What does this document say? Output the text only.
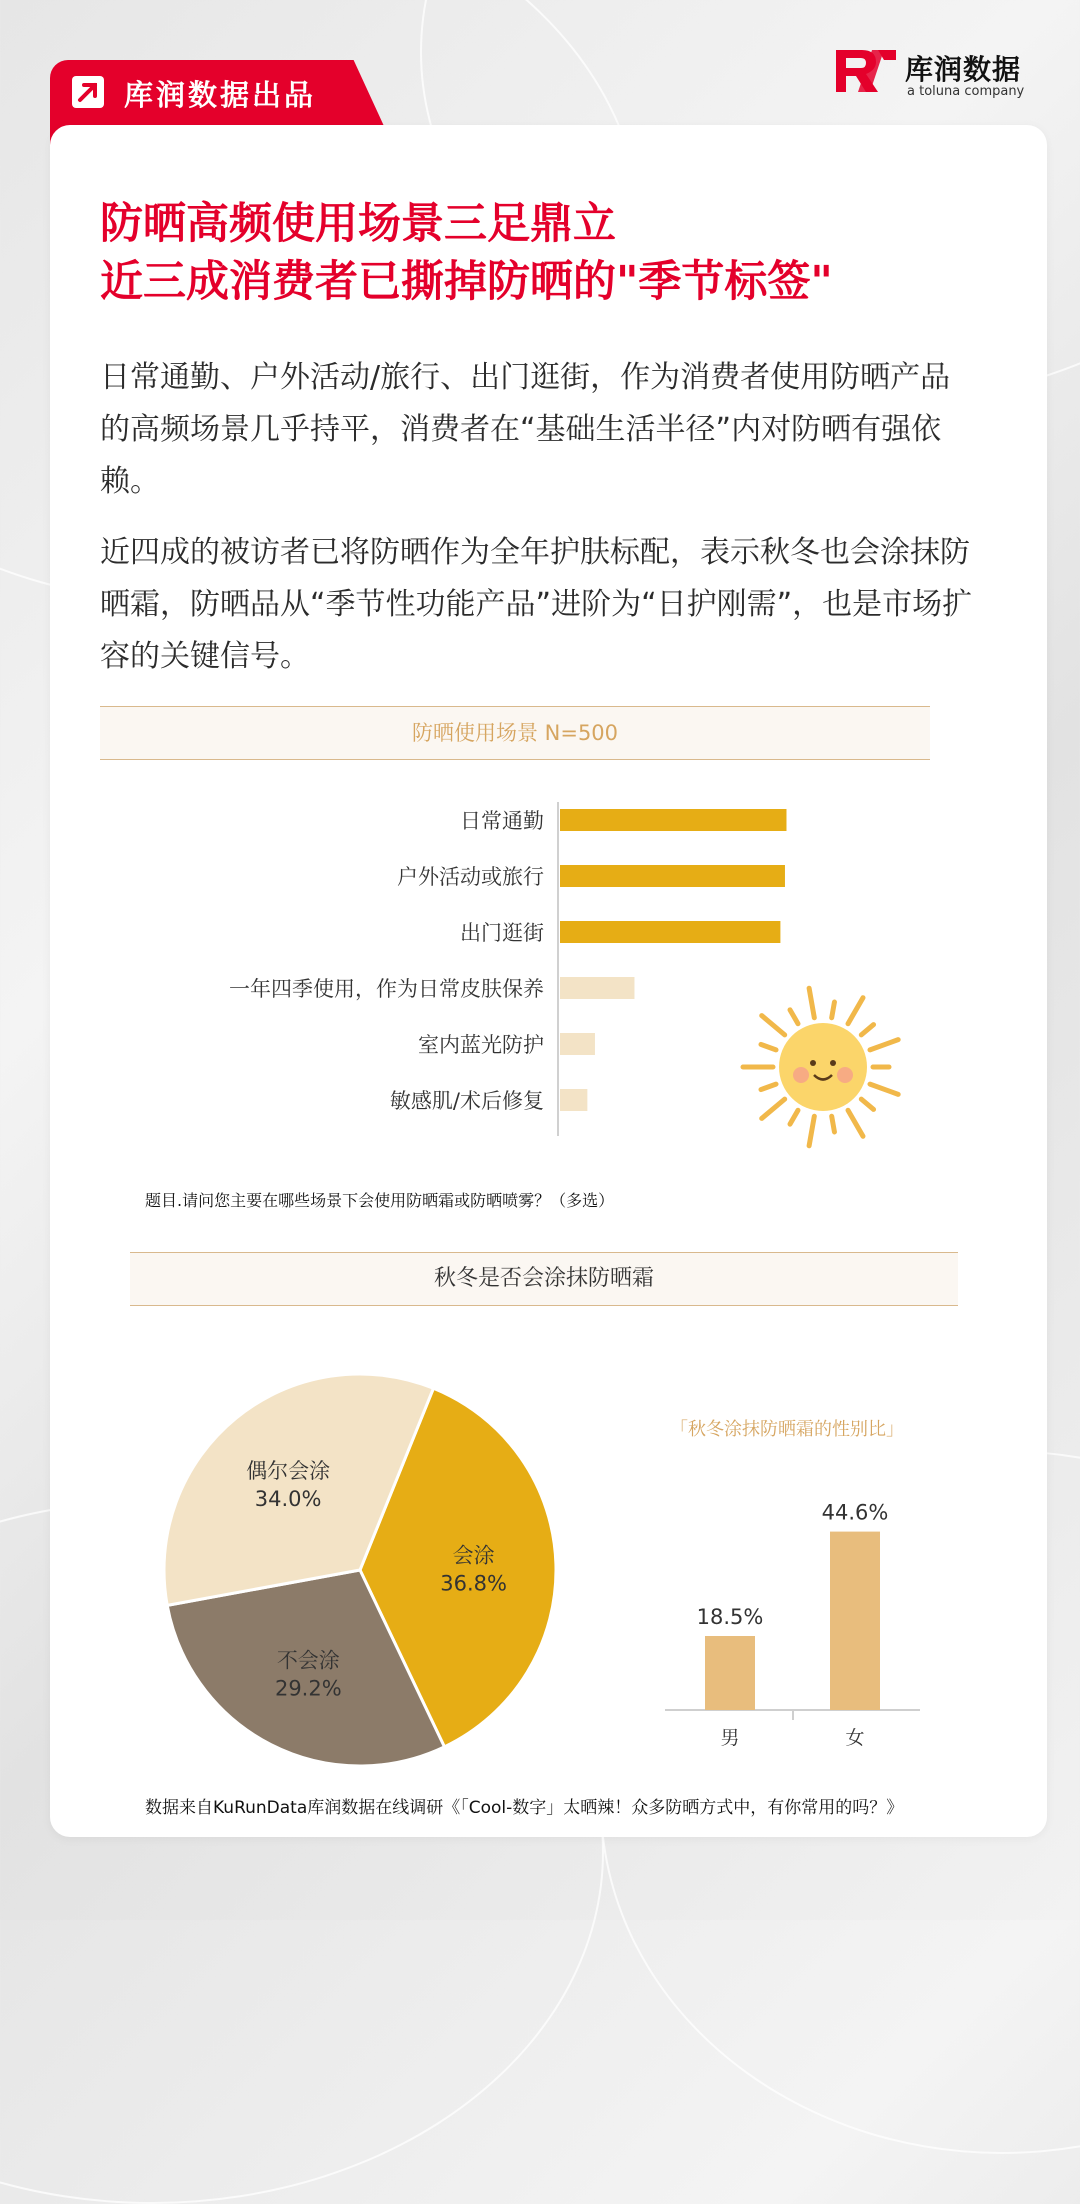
库润数据出品
库润数据
a toluna company
防晒高频使用场景三足鼎立
近三成消费者已撕掉防晒的"季节标签"
日常通勤、户外活动/旅行、出门逛街，作为消费者使用防晒产品的高频场景几乎持平，消费者在“基础生活半径”内对防晒有强依赖。
近四成的被访者已将防晒作为全年护肤标配，表示秋冬也会涂抹防晒霜，防晒品从“季节性功能产品”进阶为“日护刚需”，也是市场扩容的关键信号。
防晒使用场景 N=500
日常通勤
户外活动或旅行
出门逛街
一年四季使用，作为日常皮肤保养
室内蓝光防护
敏感肌/术后修复
题目.请问您主要在哪些场景下会使用防晒霜或防晒喷雾？（多选）
秋冬是否会涂抹防晒霜
会涂
36.8%
不会涂
29.2%
偶尔会涂
34.0%
「秋冬涂抹防晒霜的性别比」
18.5%
男
44.6%
女
数据来自KuRunData库润数据在线调研《「Cool-数字」太晒辣！众多防晒方式中，有你常用的吗？》
